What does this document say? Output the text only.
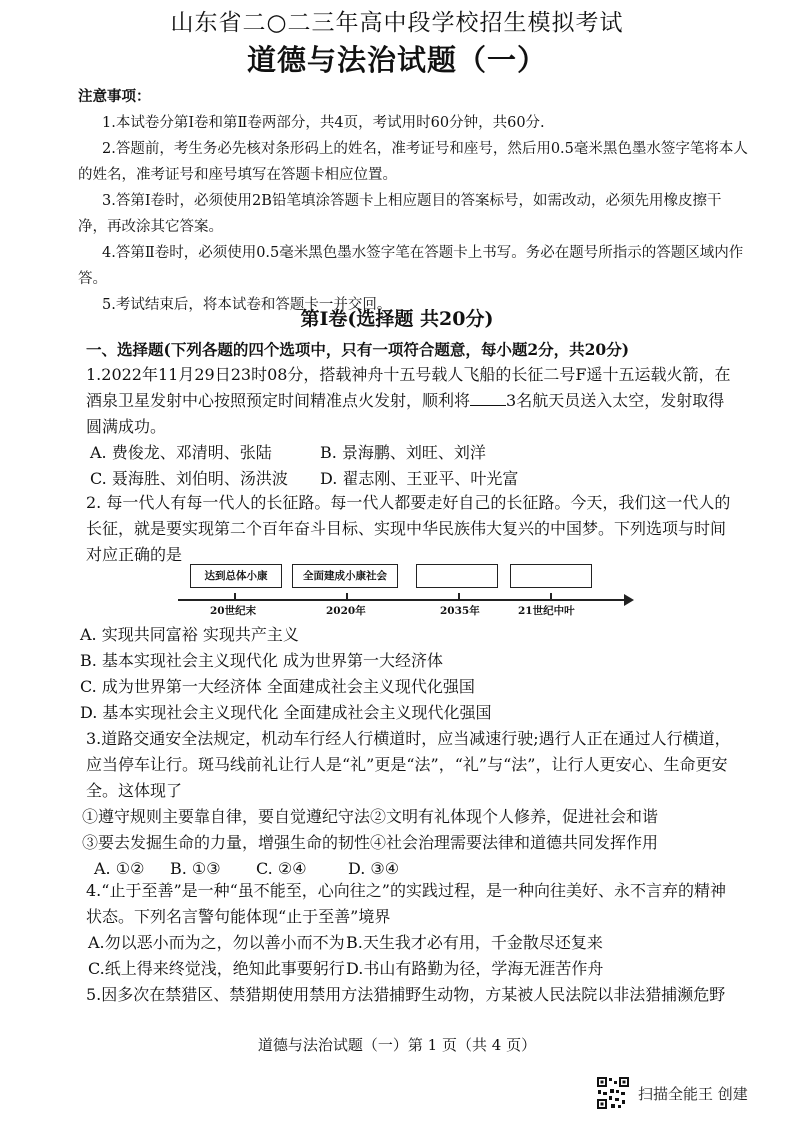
山东省二○二三年高中段学校招生模拟考试
道德与法治试题（一）
注意事项：
1.本试卷分第Ⅰ卷和第Ⅱ卷两部分，共4页，考试用时60分钟，共60分.
2.答题前，考生务必先核对条形码上的姓名，准考证号和座号，然后用0.5毫米黑色墨水签字笔将本人的姓名，准考证号和座号填写在答题卡相应位置。
3.答第Ⅰ卷时，必须使用2B铅笔填涂答题卡上相应题目的答案标号，如需改动，必须先用橡皮擦干净，再改涂其它答案。
4.答第Ⅱ卷时，必须使用0.5毫米黑色墨水签字笔在答题卡上书写。务必在题号所指示的答题区域内作答。
5.考试结束后，将本试卷和答题卡一并交回。
第Ⅰ卷(选择题 共20分)
一、选择题(下列各题的四个选项中，只有一项符合题意，每小题2分，共20分)
1.2022年11月29日23时08分，搭载神舟十五号载人飞船的长征二号F遥十五运载火箭，在酒泉卫星发射中心按照预定时间精准点火发射，顺利将 3名航天员送入太空，发射取得圆满成功。
A. 费俊龙、邓清明、张陆	B. 景海鹏、刘旺、刘洋
C. 聂海胜、刘伯明、汤洪波	D. 翟志刚、王亚平、叶光富
2. 每一代人有每一代人的长征路。每一代人都要走好自己的长征路。今天，我们这一代人的长征，就是要实现第二个百年奋斗目标、实现中华民族伟大复兴的中国梦。下列选项与时间对应正确的是
达到总体小康	全面建成小康社会
20世纪末	2020年	2035年	21世纪中叶
A. 实现共同富裕 实现共产主义
B. 基本实现社会主义现代化 成为世界第一大经济体
C. 成为世界第一大经济体 全面建成社会主义现代化强国
D. 基本实现社会主义现代化 全面建成社会主义现代化强国
3.道路交通安全法规定，机动车行经人行横道时，应当减速行驶;遇行人正在通过人行横道，应当停车让行。斑马线前礼让行人是“礼”更是“法”，“礼”与“法”，让行人更安心、生命更安全。这体现了
①遵守规则主要靠自律，要自觉遵纪守法②文明有礼体现个人修养，促进社会和谐
③要去发掘生命的力量，增强生命的韧性④社会治理需要法律和道德共同发挥作用
A. ①②	B. ①③	C. ②④	D. ③④
4.“止于至善”是一种“虽不能至，心向往之”的实践过程，是一种向往美好、永不言弃的精神状态。下列名言警句能体现“止于至善”境界
A.勿以恶小而为之，勿以善小而不为 B.天生我才必有用，千金散尽还复来
C.纸上得来终觉浅，绝知此事要躬行 D.书山有路勤为径，学海无涯苦作舟
5.因多次在禁猎区、禁猎期使用禁用方法猎捕野生动物，方某被人民法院以非法猎捕濒危野
道德与法治试题（一）第 1 页（共 4 页）
扫描全能王 创建
